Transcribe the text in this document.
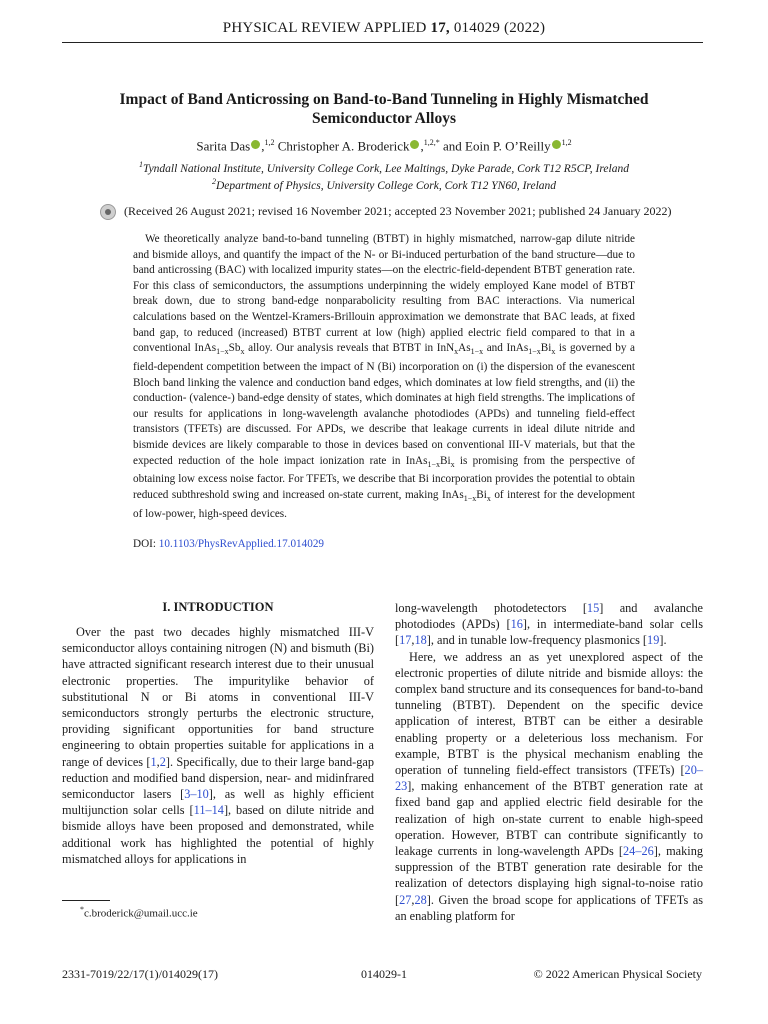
PHYSICAL REVIEW APPLIED 17, 014029 (2022)
Impact of Band Anticrossing on Band-to-Band Tunneling in Highly Mismatched Semiconductor Alloys
Sarita Das ,$^{1,2}$ Christopher A. Broderick ,$^{1,2,*}$ and Eoin P. O’Reilly $^{1,2}$
$^1$Tyndall National Institute, University College Cork, Lee Maltings, Dyke Parade, Cork T12 R5CP, Ireland
$^2$Department of Physics, University College Cork, Cork T12 YN60, Ireland
(Received 26 August 2021; revised 16 November 2021; accepted 23 November 2021; published 24 January 2022)
We theoretically analyze band-to-band tunneling (BTBT) in highly mismatched, narrow-gap dilute nitride and bismide alloys, and quantify the impact of the N- or Bi-induced perturbation of the band structure—due to band anticrossing (BAC) with localized impurity states—on the electric-field-dependent BTBT generation rate. For this class of semiconductors, the assumptions underpinning the widely employed Kane model of BTBT break down, due to strong band-edge nonparabolicity resulting from BAC interactions. Via numerical calculations based on the Wentzel-Kramers-Brillouin approximation we demonstrate that BAC leads, at fixed band gap, to reduced (increased) BTBT current at low (high) applied electric field compared to that in a conventional $InAs_{1-x}Sb_x$ alloy. Our analysis reveals that BTBT in $InN_xAs_{1-x}$ and $InAs_{1-x}Bi_x$ is governed by a field-dependent competition between the impact of N (Bi) incorporation on (i) the dispersion of the evanescent Bloch band linking the valence and conduction band edges, which dominates at low field strengths, and (ii) the conduction- (valence-) band-edge density of states, which dominates at high field strengths. The implications of our results for applications in long-wavelength avalanche photodiodes (APDs) and tunneling field-effect transistors (TFETs) are discussed. For APDs, we describe that leakage currents in ideal dilute nitride and bismide devices are likely comparable to those in devices based on conventional III-V materials, but that the expected reduction of the hole impact ionization rate in $InAs_{1-x}Bi_x$ is promising from the perspective of obtaining low excess noise factor. For TFETs, we describe that Bi incorporation provides the potential to obtain reduced subthreshold swing and increased on-state current, making $InAs_{1-x}Bi_x$ of interest for the development of low-power, high-speed devices.
DOI: 10.1103/PhysRevApplied.17.014029
I. INTRODUCTION
Over the past two decades highly mismatched III-V semiconductor alloys containing nitrogen (N) and bismuth (Bi) have attracted significant research interest due to their unusual electronic properties. The impuritylike behavior of substitutional N or Bi atoms in conventional III-V semiconductors strongly perturbs the electronic structure, providing significant opportunities for band structure engineering to obtain properties suitable for applications in a range of devices [1,2]. Specifically, due to their large band-gap reduction and modified band dispersion, near- and midinfrared semiconductor lasers [3–10], as well as highly efficient multijunction solar cells [11–14], based on dilute nitride and bismide alloys have been proposed and demonstrated, while additional work has highlighted the potential of highly mismatched alloys for applications in

long-wavelength photodetectors [15] and avalanche photodiodes (APDs) [16], in intermediate-band solar cells [17,18], and in tunable low-frequency plasmonics [19].

Here, we address an as yet unexplored aspect of the electronic properties of dilute nitride and bismide alloys: the complex band structure and its consequences for band-to-band tunneling (BTBT). Dependent on the specific device application of interest, BTBT can be either a desirable enabling property or a deleterious loss mechanism. For example, BTBT is the physical mechanism enabling the operation of tunneling field-effect transistors (TFETs) [20–23], making enhancement of the BTBT generation rate at fixed band gap and applied electric field desirable for the realization of high on-state current to enable high-speed operation. However, BTBT can contribute significantly to leakage currents in long-wavelength APDs [24–26], making suppression of the BTBT generation rate desirable for the realization of detectors displaying high signal-to-noise ratio [27,28]. Given the broad scope for applications of TFETs as an enabling platform for

*c.broderick@umail.ucc.ie
2331-7019/22/17(1)/014029(17)	014029-1	© 2022 American Physical Society
